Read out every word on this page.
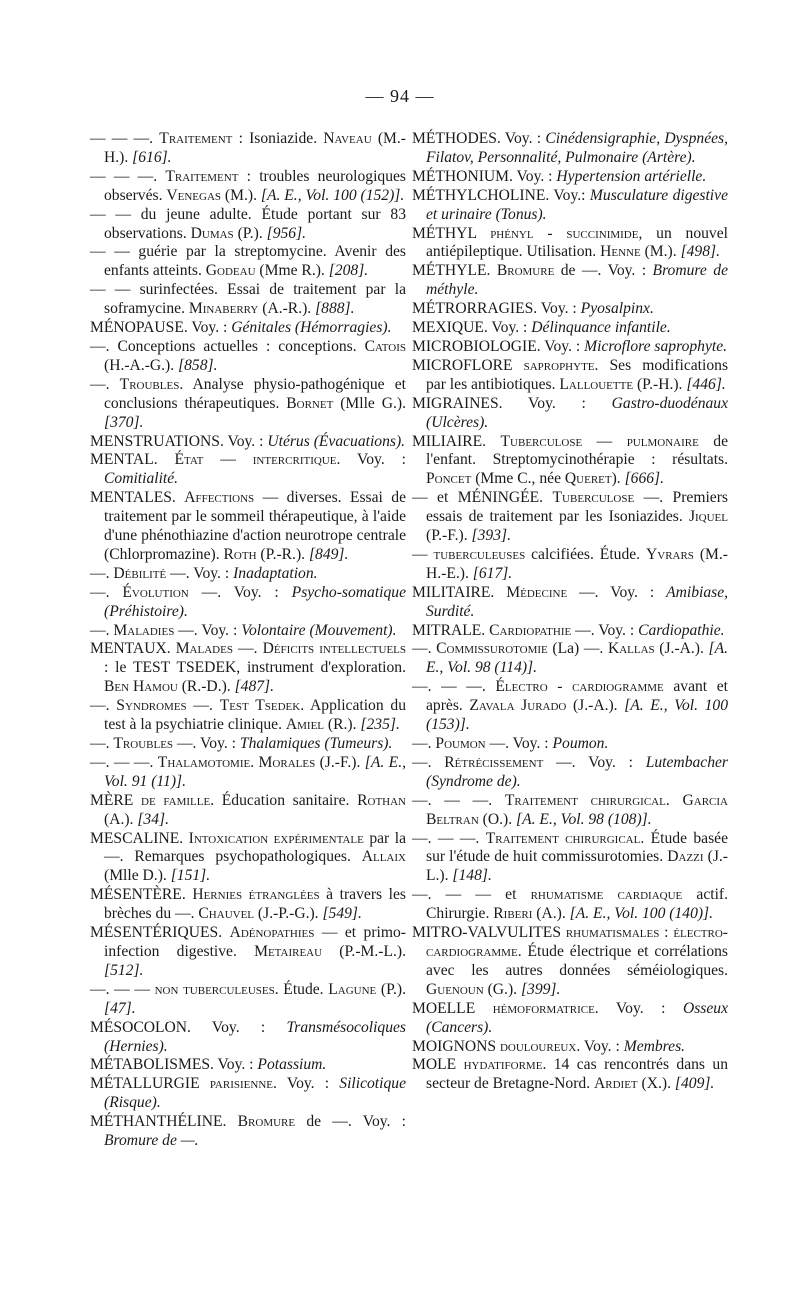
— 94 —

— — —. Traitement : Isoniazide. Naveau (M.-H.). [616].

— — —. Traitement : troubles neurologiques observés. Venegas (M.). [A. E., Vol. 100 (152)].

— — du jeune adulte. Étude portant sur 83 observations. Dumas (P.). [956].

— — guérie par la streptomycine. Avenir des enfants atteints. Godeau (Mme R.). [208].

— — surinfectées. Essai de traitement par la soframycine. Minaberry (A.-R.). [888].

MÉNOPAUSE. Voy. : Génitales (Hémorragies).

—. Conceptions actuelles : conceptions. Catois (H.-A.-G.). [858].

—. Troubles. Analyse physio-pathogénique et conclusions thérapeutiques. Bornet (Mlle G.). [370].

MENSTRUATIONS. Voy. : Utérus (Évacuations).

MENTAL. État — intercritique. Voy. : Comitialité.

MENTALES. Affections — diverses. Essai de traitement par le sommeil thérapeutique, à l'aide d'une phénothiazine d'action neurotrope centrale (Chlorpromazine). Roth (P.-R.). [849].

—. Débilité —. Voy. : Inadaptation.

—. Évolution —. Voy. : Psycho-somatique (Préhistoire).

—. Maladies —. Voy. : Volontaire (Mouvement).

MENTAUX. Malades —. Déficits intellectuels : le TEST TSEDEK, instrument d'exploration. Ben Hamou (R.-D.). [487].

—. Syndromes —. Test Tsedek. Application du test à la psychiatrie clinique. Amiel (R.). [235].

—. Troubles —. Voy. : Thalamiques (Tumeurs).

—. — —. Thalamotomie. Morales (J.-F.). [A. E., Vol. 91 (11)].

MÈRE de famille. Éducation sanitaire. Rothan (A.). [34].

MESCALINE. Intoxication expérimentale par la —. Remarques psychopathologiques. Allaix (Mlle D.). [151].

MÉSENTÈRE. Hernies étranglées à travers les brèches du —. Chauvel (J.-P.-G.). [549].

MÉSENTÉRIQUES. Adénopathies — et primo-infection digestive. Metaireau (P.-M.-L.). [512].

—. — — non tuberculeuses. Étude. Lagune (P.). [47].

MÉSOCOLON. Voy. : Transmésocoliques (Hernies).

MÉTABOLISMES. Voy. : Potassium.

MÉTALLURGIE parisienne. Voy. : Silicotique (Risque).

MÉTHANTHÉLINE. Bromure de —. Voy. : Bromure de —.

MÉTHODES. Voy. : Cinédensigraphie, Dyspnées, Filatov, Personnalité, Pulmonaire (Artère).

MÉTHONIUM. Voy. : Hypertension artérielle.

MÉTHYLCHOLINE. Voy.: Musculature digestive et urinaire (Tonus).

MÉTHYL phényl - succinimide, un nouvel antiépileptique. Utilisation. Henne (M.). [498].

MÉTHYLE. Bromure de —. Voy. : Bromure de méthyle.

MÉTRORRAGIES. Voy. : Pyosalpinx.

MEXIQUE. Voy. : Délinquance infantile.

MICROBIOLOGIE. Voy. : Microflore saprophyte.

MICROFLORE saprophyte. Ses modifications par les antibiotiques. Lallouette (P.-H.). [446].

MIGRAINES. Voy. : Gastro-duodénaux (Ulcères).

MILIAIRE. Tuberculose — pulmonaire de l'enfant. Streptomycinothérapie : résultats. Poncet (Mme C., née Queret). [666].

— et MÉNINGÉE. Tuberculose —. Premiers essais de traitement par les Isoniazides. Jiquel (P.-F.). [393].

— tuberculeuses calcifiées. Étude. Yvrars (M.-H.-E.). [617].

MILITAIRE. Médecine —. Voy. : Amibiase, Surdité.

MITRALE. Cardiopathie —. Voy. : Cardiopathie.

—. Commissurotomie (La) —. Kallas (J.-A.). [A. E., Vol. 98 (114)].

—. — —. Électro - cardiogramme avant et après. Zavala Jurado (J.-A.). [A. E., Vol. 100 (153)].

—. Poumon —. Voy. : Poumon.

—. Rétrécissement —. Voy. : Lutembacher (Syndrome de).

—. — —. Traitement chirurgical. Garcia Beltran (O.). [A. E., Vol. 98 (108)].

—. — —. Traitement chirurgical. Étude basée sur l'étude de huit commissurotomies. Dazzi (J.-L.). [148].

—. — — et rhumatisme cardiaque actif. Chirurgie. Riberi (A.). [A. E., Vol. 100 (140)].

MITRO-VALVULITES rhumatismales : électro-cardiogramme. Étude électrique et corrélations avec les autres données séméiologiques. Guenoun (G.). [399].

MOELLE hémoformatrice. Voy. : Osseux (Cancers).

MOIGNONS douloureux. Voy. : Membres.

MOLE hydatiforme. 14 cas rencontrés dans un secteur de Bretagne-Nord. Ardiet (X.). [409].
